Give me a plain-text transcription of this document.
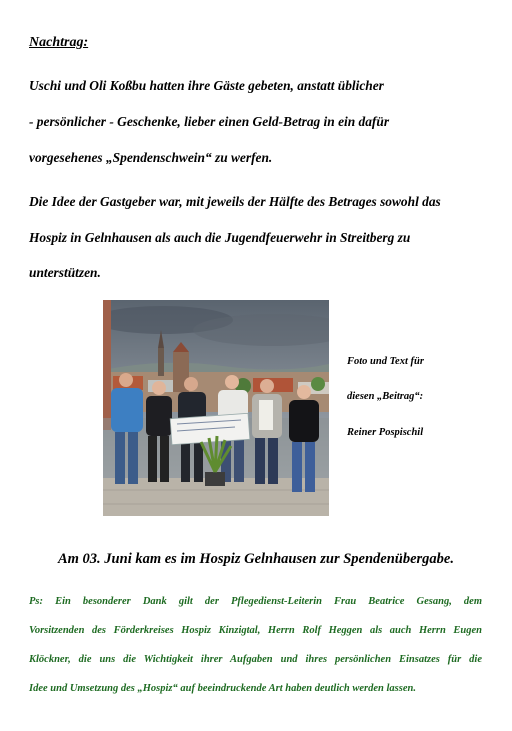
Nachtrag:
Uschi und Oli Koßbu hatten ihre Gäste gebeten, anstatt üblicher
- persönlicher - Geschenke, lieber einen Geld-Betrag in ein dafür
vorgesehenes „Spendenschwein“ zu werfen.
Die Idee der Gastgeber war, mit jeweils der Hälfte des Betrages sowohl das
Hospiz in Gelnhausen als auch die Jugendfeuerwehr in Streitberg zu
unterstützen.
Foto und Text für
diesen „Beitrag“:
Reiner Pospischil
Am 03. Juni kam es im Hospiz Gelnhausen zur Spendenübergabe.
Ps: Ein besonderer Dank gilt der Pflegedienst-Leiterin Frau Beatrice Gesang, dem
Vorsitzenden des Förderkreises Hospiz Kinzigtal, Herrn Rolf Heggen als auch Herrn Eugen
Klöckner, die uns die Wichtigkeit ihrer Aufgaben und ihres persönlichen Einsatzes für die
Idee und Umsetzung des „Hospiz“ auf beeindruckende Art haben deutlich werden lassen.
